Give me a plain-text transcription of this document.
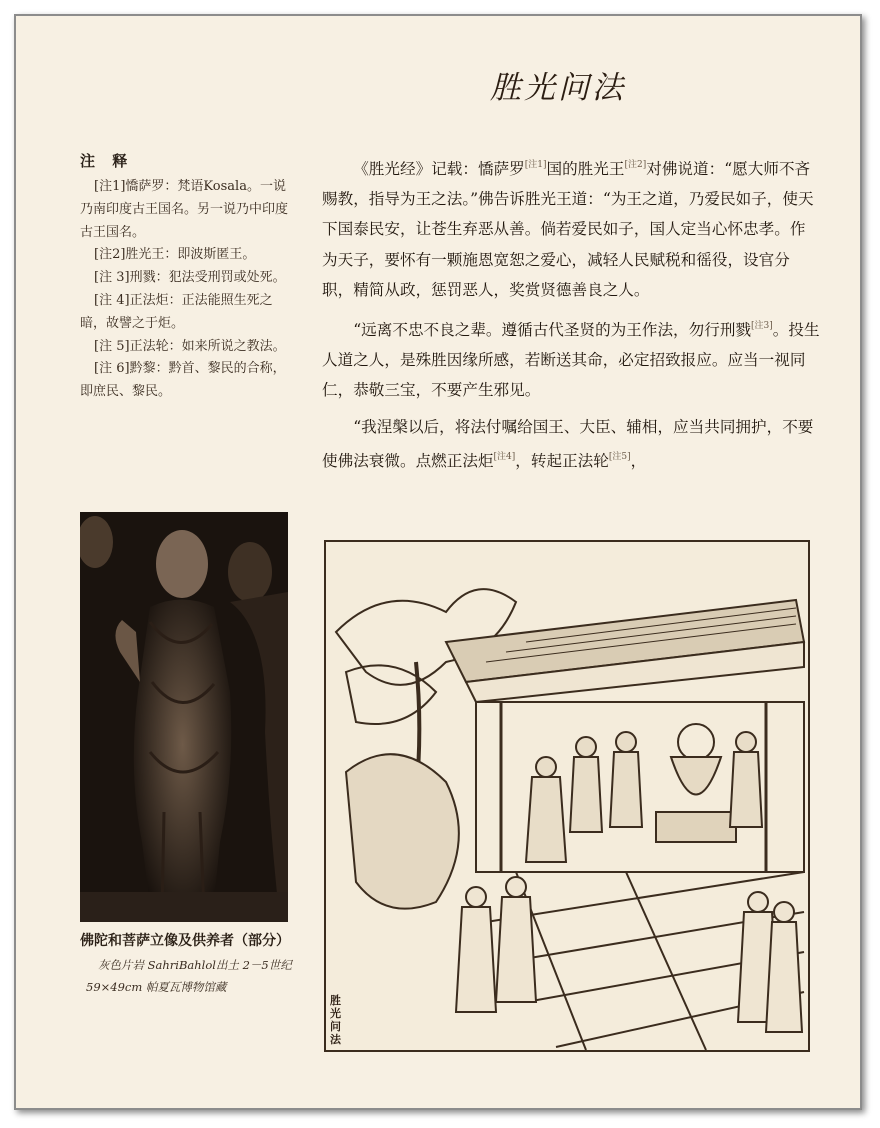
胜光问法
注 释
[注1]憍萨罗：梵语Kosala。一说乃南印度古王国名。另一说乃中印度古王国名。
[注2]胜光王：即波斯匿王。
[注 3]刑戮：犯法受刑罚或处死。
[注 4]正法炬：正法能照生死之暗，故譬之于炬。
[注 5]正法轮：如来所说之教法。
[注 6]黔黎：黔首、黎民的合称，即庶民、黎民。

《胜光经》记载：憍萨罗[注1]国的胜光王[注2]对佛说道：“愿大师不吝赐教，指导为王之法。”佛告诉胜光王道：“为王之道，乃爱民如子，使天下国泰民安，让苍生弃恶从善。倘若爱民如子，国人定当心怀忠孝。作为天子，要怀有一颗施恩宽恕之爱心，减轻人民赋税和徭役，设官分职，精简从政，惩罚恶人，奖赏贤德善良之人。

“远离不忠不良之辈。遵循古代圣贤的为王作法，勿行刑戮[注3]。投生人道之人，是殊胜因缘所感，若断送其命，必定招致报应。应当一视同仁，恭敬三宝，不要产生邪见。

“我涅槃以后，将法付嘱给国王、大臣、辅相，应当共同拥护，不要使佛法衰微。点燃正法炬[注4]，转起正法轮[注5]，

佛陀和菩萨立像及供养者（部分）
灰色片岩 SahriBahlol出土 2－5世纪 59×49cm 帕夏瓦博物馆藏
胜光问法
